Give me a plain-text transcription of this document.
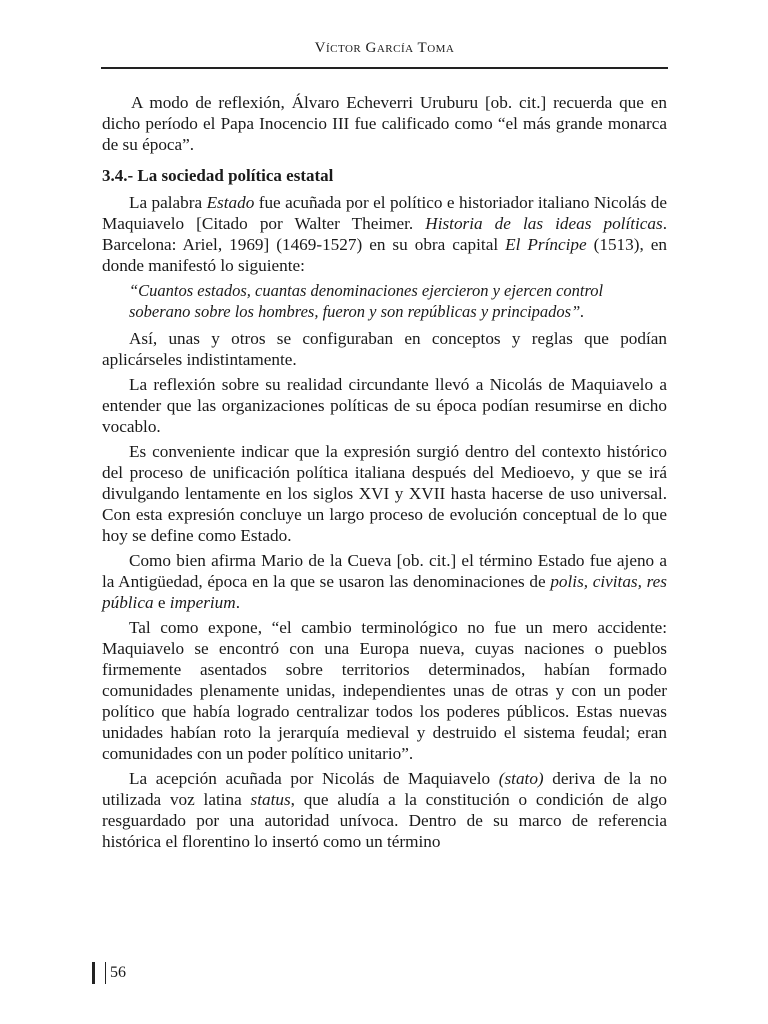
Víctor García Toma

A modo de reflexión, Álvaro Echeverri Uruburu [ob. cit.] recuerda que en dicho período el Papa Inocencio III fue calificado como “el más grande monarca de su época”.

3.4.- La sociedad política estatal

La palabra Estado fue acuñada por el político e historiador italiano Nicolás de Maquiavelo [Citado por Walter Theimer. Historia de las ideas políticas. Barcelona: Ariel, 1969] (1469-1527) en su obra capital El Príncipe (1513), en donde manifestó lo siguiente:

“Cuantos estados, cuantas denominaciones ejercieron y ejercen control soberano sobre los hombres, fueron y son repúblicas y principados”.

Así, unas y otros se configuraban en conceptos y reglas que podían aplicárseles indistintamente.

La reflexión sobre su realidad circundante llevó a Nicolás de Maquiavelo a entender que las organizaciones políticas de su época podían resumirse en dicho vocablo.

Es conveniente indicar que la expresión surgió dentro del contexto histórico del proceso de unificación política italiana después del Medioevo, y que se irá divulgando lentamente en los siglos XVI y XVII hasta hacerse de uso universal. Con esta expresión concluye un largo proceso de evolución conceptual de lo que hoy se define como Estado.

Como bien afirma Mario de la Cueva [ob. cit.] el término Estado fue ajeno a la Antigüedad, época en la que se usaron las denominaciones de polis, civitas, res pública e imperium.

Tal como expone, “el cambio terminológico no fue un mero accidente: Maquiavelo se encontró con una Europa nueva, cuyas naciones o pueblos firmemente asentados sobre territorios determinados, habían formado comunidades plenamente unidas, independientes unas de otras y con un poder político que había logrado centralizar todos los poderes públicos. Estas nuevas unidades habían roto la jerarquía medieval y destruido el sistema feudal; eran comunidades con un poder político unitario”.

La acepción acuñada por Nicolás de Maquiavelo (stato) deriva de la no utilizada voz latina status, que aludía a la constitución o condición de algo resguardado por una autoridad unívoca. Dentro de su marco de referencia histórica el florentino lo insertó como un término

56
